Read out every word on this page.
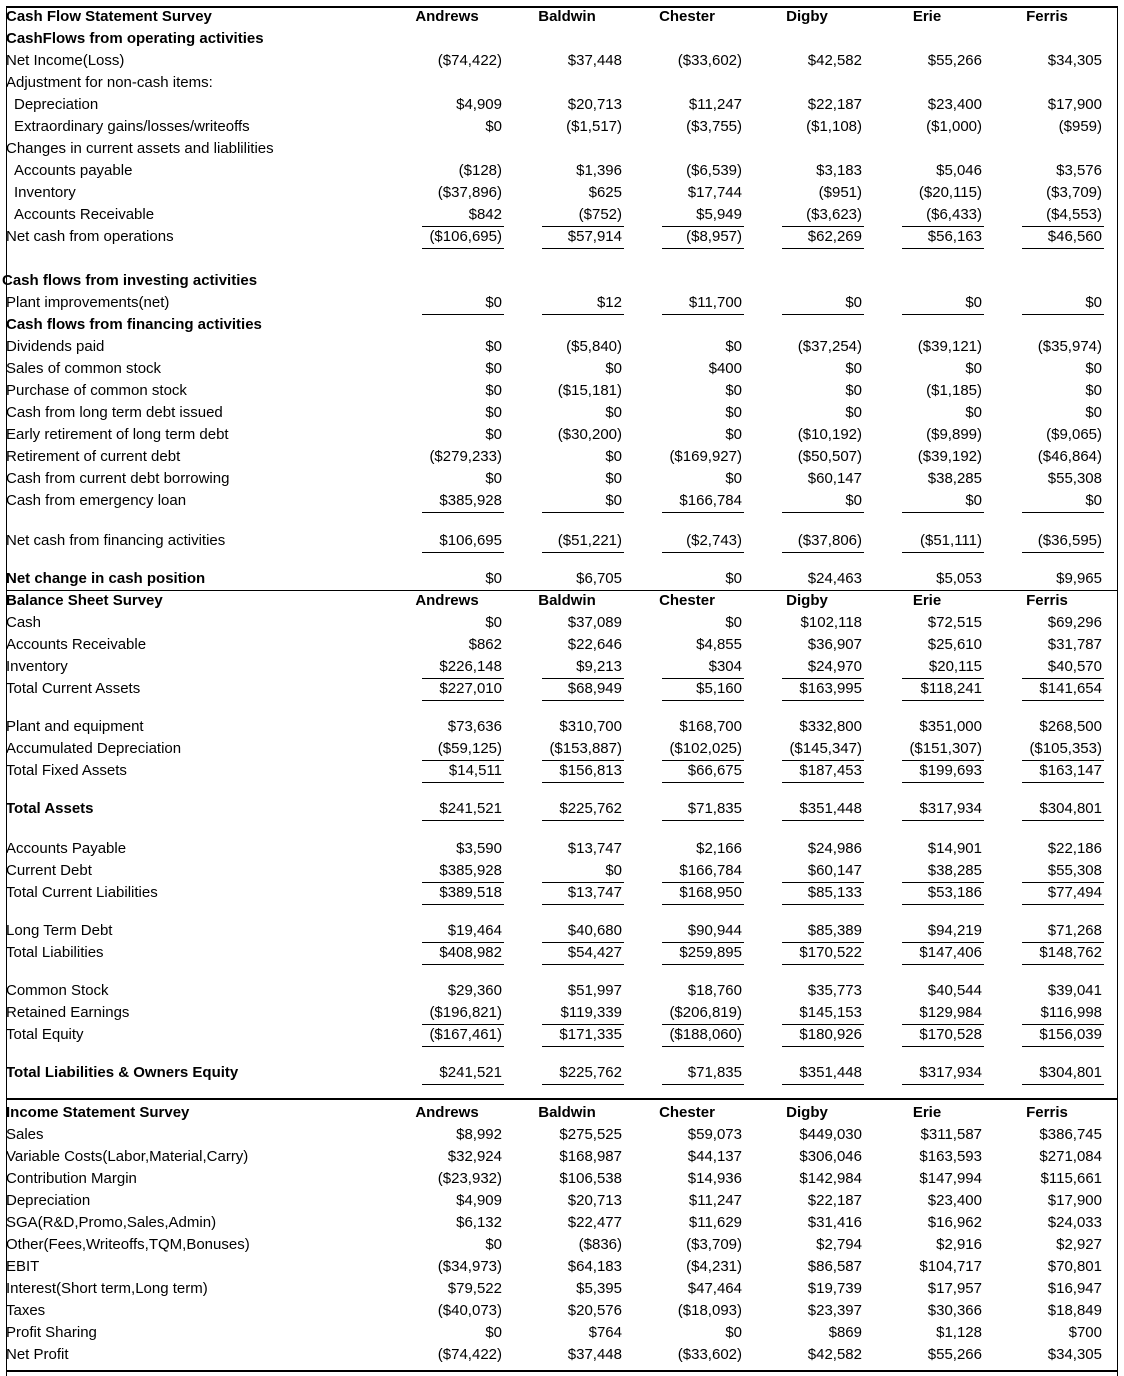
Cash Flow Statement Survey	Andrews	Baldwin	Chester	Digby	Erie	Ferris
CashFlows from operating activities
Net Income(Loss)	($74,422)	$37,448	($33,602)	$42,582	$55,266	$34,305
Adjustment for non-cash items:
Depreciation	$4,909	$20,713	$11,247	$22,187	$23,400	$17,900
Extraordinary gains/losses/writeoffs	$0	($1,517)	($3,755)	($1,108)	($1,000)	($959)
Changes in current assets and liablilities
Accounts payable	($128)	$1,396	($6,539)	$3,183	$5,046	$3,576
Inventory	($37,896)	$625	$17,744	($951)	($20,115)	($3,709)
Accounts Receivable	$842	($752)	$5,949	($3,623)	($6,433)	($4,553)
Net cash from operations	($106,695)	$57,914	($8,957)	$62,269	$56,163	$46,560
Cash flows from investing activities
Plant improvements(net)	$0	$12	$11,700	$0	$0	$0
Cash flows from financing activities
Dividends paid	$0	($5,840)	$0	($37,254)	($39,121)	($35,974)
Sales of common stock	$0	$0	$400	$0	$0	$0
Purchase of common stock	$0	($15,181)	$0	$0	($1,185)	$0
Cash from long term debt issued	$0	$0	$0	$0	$0	$0
Early retirement of long term debt	$0	($30,200)	$0	($10,192)	($9,899)	($9,065)
Retirement of current debt	($279,233)	$0	($169,927)	($50,507)	($39,192)	($46,864)
Cash from current debt borrowing	$0	$0	$0	$60,147	$38,285	$55,308
Cash from emergency loan	$385,928	$0	$166,784	$0	$0	$0
Net cash from financing activities	$106,695	($51,221)	($2,743)	($37,806)	($51,111)	($36,595)
Net change in cash position	$0	$6,705	$0	$24,463	$5,053	$9,965
Balance Sheet Survey	Andrews	Baldwin	Chester	Digby	Erie	Ferris
Cash	$0	$37,089	$0	$102,118	$72,515	$69,296
Accounts Receivable	$862	$22,646	$4,855	$36,907	$25,610	$31,787
Inventory	$226,148	$9,213	$304	$24,970	$20,115	$40,570
Total Current Assets	$227,010	$68,949	$5,160	$163,995	$118,241	$141,654
Plant and equipment	$73,636	$310,700	$168,700	$332,800	$351,000	$268,500
Accumulated Depreciation	($59,125)	($153,887)	($102,025)	($145,347)	($151,307)	($105,353)
Total Fixed Assets	$14,511	$156,813	$66,675	$187,453	$199,693	$163,147
Total Assets	$241,521	$225,762	$71,835	$351,448	$317,934	$304,801
Accounts Payable	$3,590	$13,747	$2,166	$24,986	$14,901	$22,186
Current Debt	$385,928	$0	$166,784	$60,147	$38,285	$55,308
Total Current Liabilities	$389,518	$13,747	$168,950	$85,133	$53,186	$77,494
Long Term Debt	$19,464	$40,680	$90,944	$85,389	$94,219	$71,268
Total Liabilities	$408,982	$54,427	$259,895	$170,522	$147,406	$148,762
Common Stock	$29,360	$51,997	$18,760	$35,773	$40,544	$39,041
Retained Earnings	($196,821)	$119,339	($206,819)	$145,153	$129,984	$116,998
Total Equity	($167,461)	$171,335	($188,060)	$180,926	$170,528	$156,039
Total Liabilities & Owners Equity	$241,521	$225,762	$71,835	$351,448	$317,934	$304,801
Income Statement Survey	Andrews	Baldwin	Chester	Digby	Erie	Ferris
Sales	$8,992	$275,525	$59,073	$449,030	$311,587	$386,745
Variable Costs(Labor,Material,Carry)	$32,924	$168,987	$44,137	$306,046	$163,593	$271,084
Contribution Margin	($23,932)	$106,538	$14,936	$142,984	$147,994	$115,661
Depreciation	$4,909	$20,713	$11,247	$22,187	$23,400	$17,900
SGA(R&D,Promo,Sales,Admin)	$6,132	$22,477	$11,629	$31,416	$16,962	$24,033
Other(Fees,Writeoffs,TQM,Bonuses)	$0	($836)	($3,709)	$2,794	$2,916	$2,927
EBIT	($34,973)	$64,183	($4,231)	$86,587	$104,717	$70,801
Interest(Short term,Long term)	$79,522	$5,395	$47,464	$19,739	$17,957	$16,947
Taxes	($40,073)	$20,576	($18,093)	$23,397	$30,366	$18,849
Profit Sharing	$0	$764	$0	$869	$1,128	$700
Net Profit	($74,422)	$37,448	($33,602)	$42,582	$55,266	$34,305
